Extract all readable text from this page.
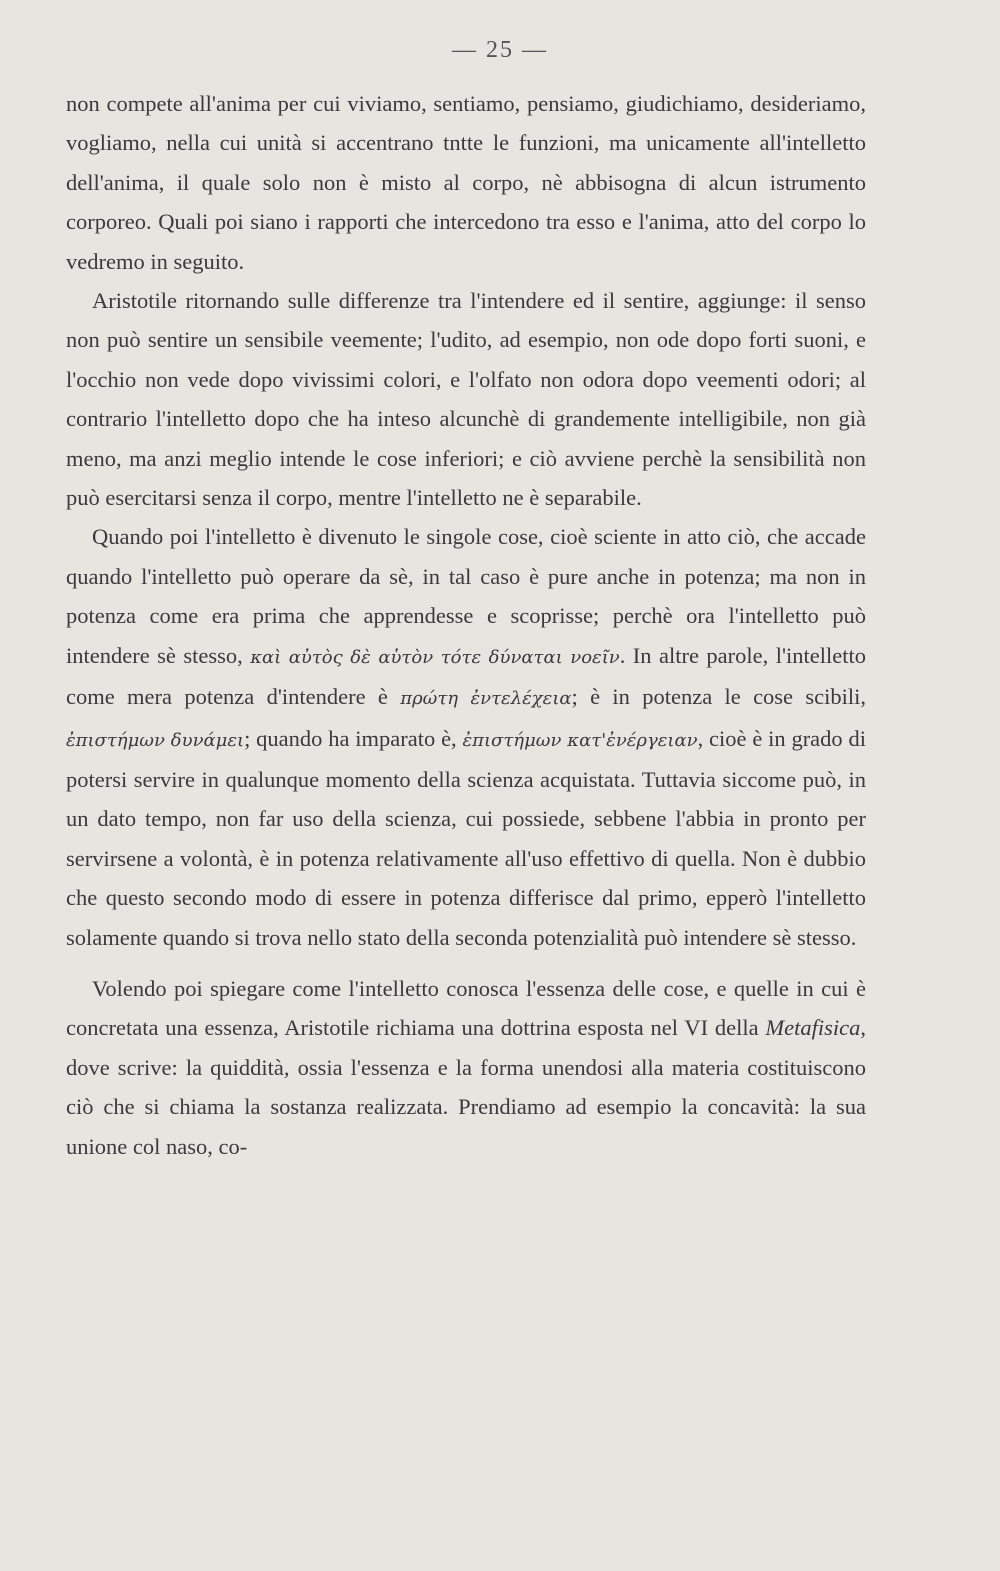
— 25 —

non compete all'anima per cui viviamo, sentiamo, pensiamo, giudichiamo, desideriamo, vogliamo, nella cui unità si accentrano tntte le funzioni, ma unicamente all'intelletto dell'anima, il quale solo non è misto al corpo, nè abbisogna di alcun istrumento corporeo. Quali poi siano i rapporti che intercedono tra esso e l'anima, atto del corpo lo vedremo in seguito.

Aristotile ritornando sulle differenze tra l'intendere ed il sentire, aggiunge: il senso non può sentire un sensibile veemente; l'udito, ad esempio, non ode dopo forti suoni, e l'occhio non vede dopo vivissimi colori, e l'olfato non odora dopo veementi odori; al contrario l'intelletto dopo che ha inteso alcunchè di grandemente intelligibile, non già meno, ma anzi meglio intende le cose inferiori; e ciò avviene perchè la sensibilità non può esercitarsi senza il corpo, mentre l'intelletto ne è separabile.

Quando poi l'intelletto è divenuto le singole cose, cioè sciente in atto ciò, che accade quando l'intelletto può operare da sè, in tal caso è pure anche in potenza; ma non in potenza come era prima che apprendesse e scoprisse; perchè ora l'intelletto può intendere sè stesso, καὶ αὐτὸς δὲ αὑτὸν τότε δύναται νοεῖν. In altre parole, l'intelletto come mera potenza d'intendere è πρώτη ἐντελέχεια; è in potenza le cose scibili, ἐπιστήμων δυνάμει; quando ha imparato è, ἐπιστήμων κατ'ἐνέργειαν, cioè è in grado di potersi servire in qualunque momento della scienza acquistata. Tuttavia siccome può, in un dato tempo, non far uso della scienza, cui possiede, sebbene l'abbia in pronto per servirsene a volontà, è in potenza relativamente all'uso effettivo di quella. Non è dubbio che questo secondo modo di essere in potenza differisce dal primo, epperò l'intelletto solamente quando si trova nello stato della seconda potenzialità può intendere sè stesso.

Volendo poi spiegare come l'intelletto conosca l'essenza delle cose, e quelle in cui è concretata una essenza, Aristotile richiama una dottrina esposta nel VI della Metafisica, dove scrive: la quiddità, ossia l'essenza e la forma unendosi alla materia costituiscono ciò che si chiama la sostanza realizzata. Prendiamo ad esempio la concavità: la sua unione col naso, co-
